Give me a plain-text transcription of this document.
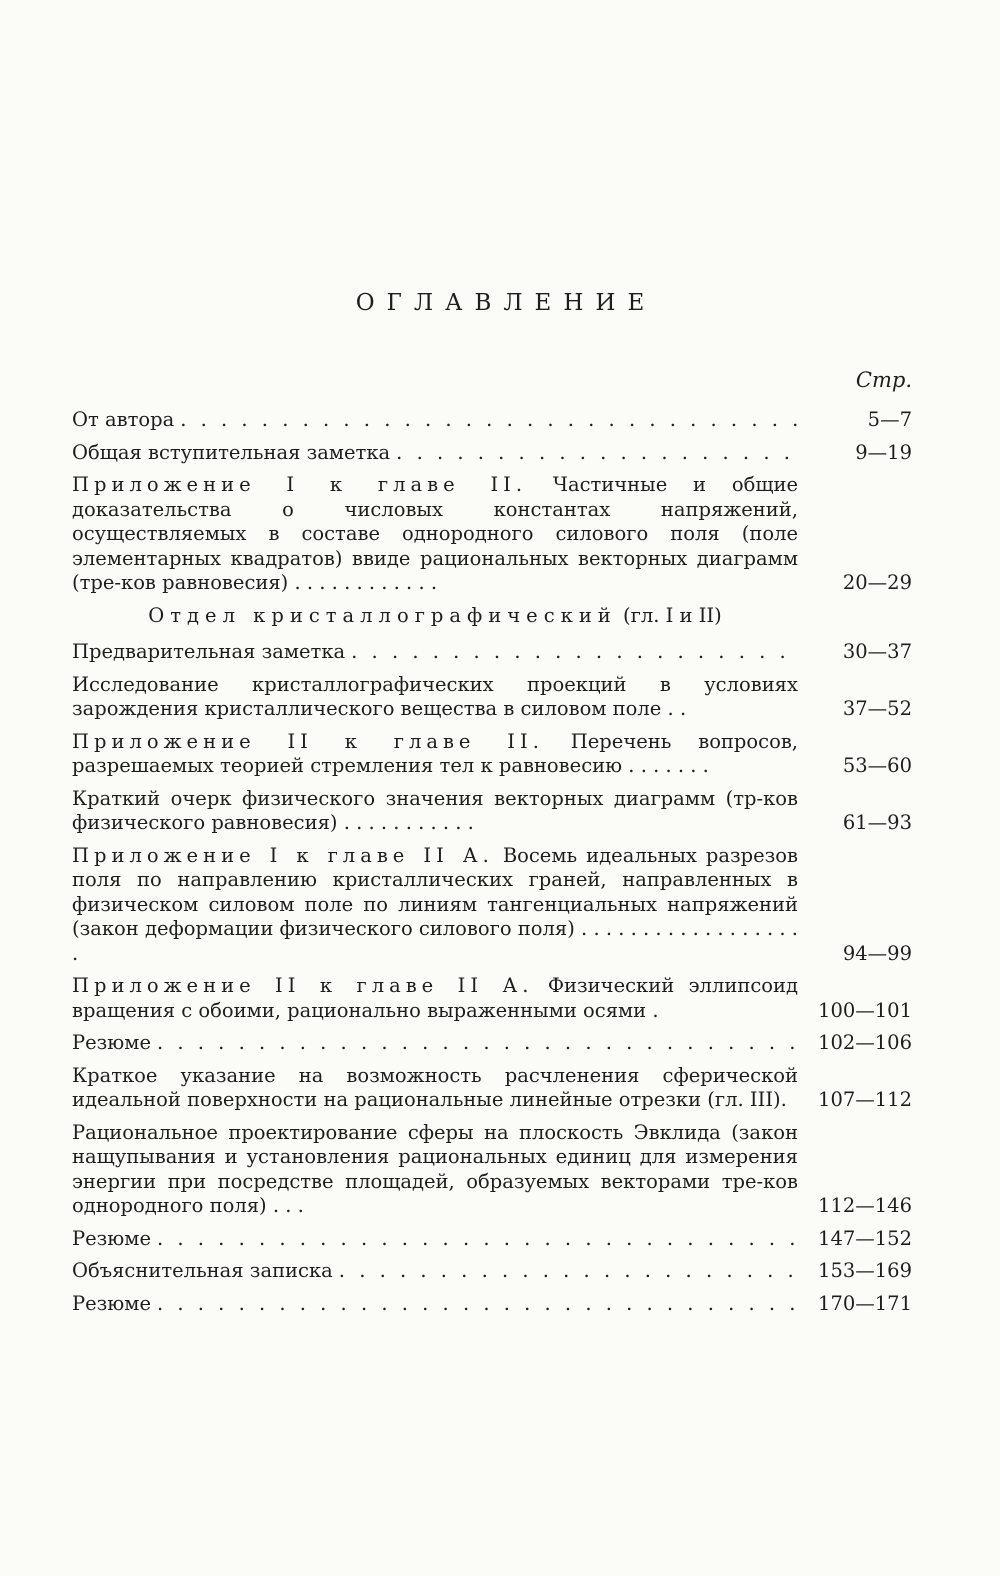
ОГЛАВЛЕНИЕ
Стр.
От автора . . .	5—7
Общая вступительная заметка . . .	9—19
Приложение I к главе II. Частичные и общие доказательства о числовых константах напряжений, осуществляемых в составе однородного силового поля (поле элементарных квадратов) ввиде рациональных векторных диаграмм (тре-ков равновесия) . . . . . . . . . . . .	20—29
Отдел кристаллографический (гл. I и II)
Предварительная заметка . . .	30—37
Исследование кристаллографических проекций в условиях зарождения кристаллического вещества в силовом поле . .	37—52
Приложение II к главе II. Перечень вопросов, разрешаемых теорией стремления тел к равновесию . . . . . . .	53—60
Краткий очерк физического значения векторных диаграмм (тр-ков физического равновесия) . . . . . . . . . . .	61—93
Приложение I к главе II А. Восемь идеальных разрезов поля по направлению кристаллических граней, направленных в физическом силовом поле по линиям тангенциальных напряжений (закон деформации физического силового поля) . . . . . . . . . . . . . . . . . . .	94—99
Приложение II к главе II А. Физический эллипсоид вращения с обоими, рационально выраженными осями .	100—101
Резюме . . .	102—106
Краткое указание на возможность расчленения сферической идеальной поверхности на рациональные линейные отрезки (гл. III).	107—112
Рациональное проектирование сферы на плоскость Эвклида (закон нащупывания и установления рациональных единиц для измерения энергии при посредстве площадей, образуемых векторами тре-ков однородного поля) . . .	112—146
Резюме . . .	147—152
Объяснительная записка . . .	153—169
Резюме . . .	170—171
